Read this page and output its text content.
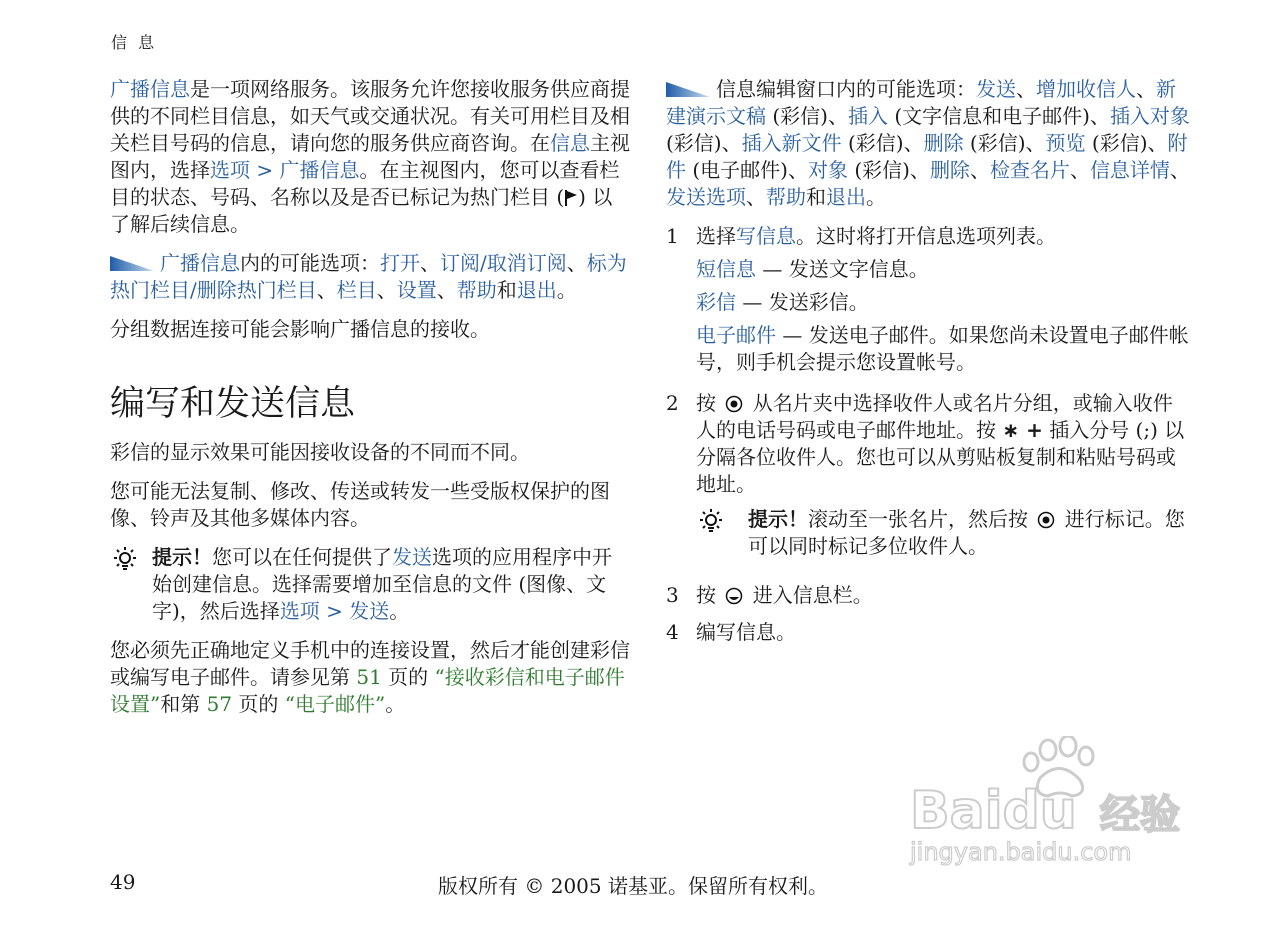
信 息

广播信息是一项网络服务。该服务允许您接收服务供应商提供的不同栏目信息，如天气或交通状况。有关可用栏目及相关栏目号码的信息，请向您的服务供应商咨询。在信息主视图内，选择选项 > 广播信息。在主视图内，您可以查看栏目的状态、号码、名称以及是否已标记为热门栏目 ( ) 以了解后续信息。

广播信息内的可能选项：打开、订阅/取消订阅、标为热门栏目/删除热门栏目、栏目、设置、帮助和退出。

分组数据连接可能会影响广播信息的接收。

编写和发送信息

彩信的显示效果可能因接收设备的不同而不同。

您可能无法复制、修改、传送或转发一些受版权保护的图像、铃声及其他多媒体内容。

提示！您可以在任何提供了发送选项的应用程序中开始创建信息。选择需要增加至信息的文件 (图像、文字)，然后选择选项 > 发送。

您必须先正确地定义手机中的连接设置，然后才能创建彩信或编写电子邮件。请参见第 51 页的 “接收彩信和电子邮件设置”和第 57 页的 “电子邮件”。

信息编辑窗口内的可能选项：发送、增加收信人、新建演示文稿 (彩信)、插入 (文字信息和电子邮件)、插入对象 (彩信)、插入新文件 (彩信)、删除 (彩信)、预览 (彩信)、附件 (电子邮件)、对象 (彩信)、删除、检查名片、信息详情、发送选项、帮助和退出。

1 选择写信息。这时将打开信息选项列表。
短信息 — 发送文字信息。
彩信 — 发送彩信。
电子邮件 — 发送电子邮件。如果您尚未设置电子邮件帐号，则手机会提示您设置帐号。
2 按  从名片夹中选择收件人或名片分组，或输入收件人的电话号码或电子邮件地址。按 ∗ + 插入分号 (;) 以分隔各位收件人。您也可以从剪贴板复制和粘贴号码或地址。
提示！滚动至一张名片，然后按  进行标记。您可以同时标记多位收件人。
3 按  进入信息栏。
4 编写信息。
49	版权所有 © 2005 诺基亚。保留所有权利。
Baidu 经验
jingyan.baidu.com
